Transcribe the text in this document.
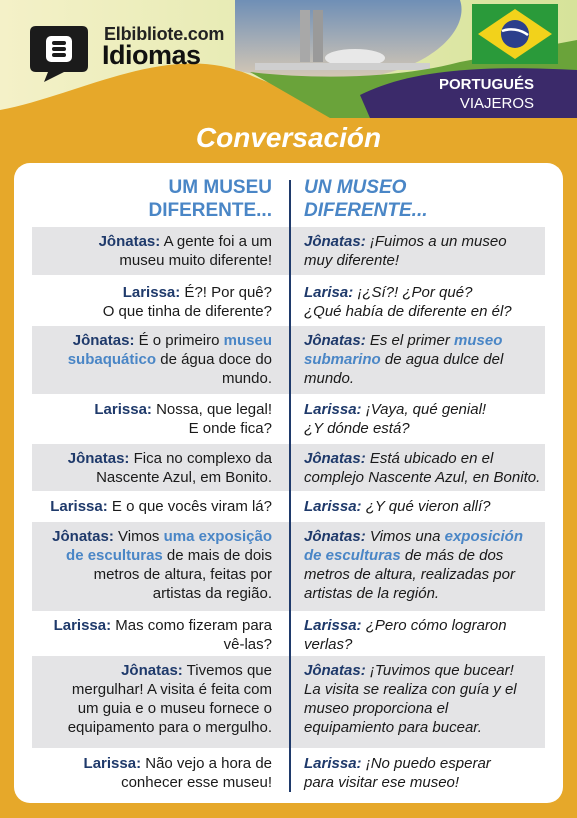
Elbibliote.com
Idiomas
PORTUGUÉS
VIAJEROS
Conversación
UM MUSEU
DIFERENTE...
UN MUSEO
DIFERENTE...
Jônatas: A gente foi a um
museu muito diferente!
Jônatas: ¡Fuimos a un museo
muy diferente!
Larissa: É?! Por quê?
O que tinha de diferente?
Larisa: ¡¿Sí?! ¿Por qué?
¿Qué había de diferente en él?
Jônatas: É o primeiro museu
subaquático de água doce do
mundo.
Jônatas: Es el primer museo
submarino de agua dulce del
mundo.
Larissa: Nossa, que legal!
E onde fica?
Larissa: ¡Vaya, qué genial!
¿Y dónde está?
Jônatas: Fica no complexo da
Nascente Azul, em Bonito.
Jônatas: Está ubicado en el
complejo Nascente Azul, en Bonito.
Larissa: E o que vocês viram lá? Larissa: ¿Y qué vieron allí?
Jônatas: Vimos uma exposição
de esculturas de mais de dois
metros de altura, feitas por
artistas da região.
Jônatas: Vimos una exposición
de esculturas de más de dos
metros de altura, realizadas por
artistas de la región.
Larissa: Mas como fizeram para
vê-las?
Larissa: ¿Pero cómo lograron
verlas?
Jônatas: Tivemos que
mergulhar! A visita é feita com
um guia e o museu fornece o
equipamento para o mergulho.
Jônatas: ¡Tuvimos que bucear!
La visita se realiza con guía y el
museo proporciona el
equipamiento para bucear.
Larissa: Não vejo a hora de
conhecer esse museu!
Larissa: ¡No puedo esperar
para visitar ese museo!
